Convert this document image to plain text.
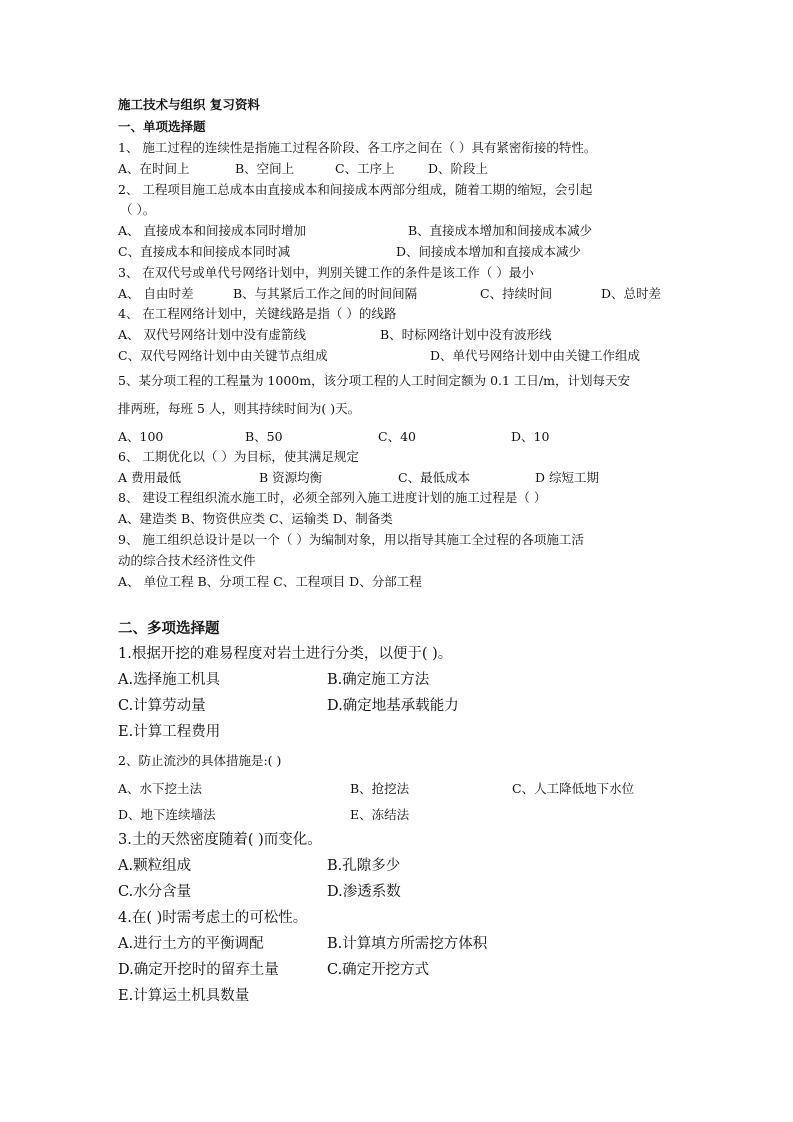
施工技术与组织 复习资料
一、单项选择题
1、 施工过程的连续性是指施工过程各阶段、各工序之间在（ ）具有紧密衔接的特性。
A、在时间上	B、空间上	C、工序上	D、阶段上
2、 工程项目施工总成本由直接成本和间接成本两部分组成，随着工期的缩短，会引起
（ ）。
A、 直接成本和间接成本同时增加	B、直接成本增加和间接成本减少
C、直接成本和间接成本同时减	D、间接成本增加和直接成本减少
3、 在双代号或单代号网络计划中，判别关键工作的条件是该工作（ ）最小
A、 自由时差	B、与其紧后工作之间的时间间隔	C、持续时间	D、总时差
4、 在工程网络计划中，关键线路是指（ ）的线路
A、 双代号网络计划中没有虚箭线	B、时标网络计划中没有波形线
C、双代号网络计划中由关键节点组成	D、单代号网络计划中由关键工作组成
5、某分项工程的工程量为 1000m，该分项工程的人工时间定额为 0.1 工日/m，计划每天安
排两班，每班 5 人，则其持续时间为( )天。
A、100	B、50	C、40	D、10
6、 工期优化以（ ）为目标，使其满足规定
A 费用最低	B 资源均衡	C、最低成本	D 综短工期
8、 建设工程组织流水施工时，必须全部列入施工进度计划的施工过程是（ ）
A、建造类 B、物资供应类 C、运输类 D、制备类
9、 施工组织总设计是以一个（ ）为编制对象，用以指导其施工全过程的各项施工活
动的综合技术经济性文件
A、 单位工程 B、分项工程 C、工程项目 D、分部工程
二、多项选择题
1.根据开挖的难易程度对岩土进行分类，以便于( )。
A.选择施工机具	B.确定施工方法
C.计算劳动量	D.确定地基承载能力
E.计算工程费用
2、防止流沙的具体措施是:( )
A、水下挖土法	B、抢挖法	C、人工降低地下水位
D、地下连续墙法	E、冻结法
3.土的天然密度随着( )而变化。
A.颗粒组成	B.孔隙多少
C.水分含量	D.渗透系数
4.在( )时需考虑土的可松性。
A.进行土方的平衡调配	B.计算填方所需挖方体积
D.确定开挖时的留弃土量	C.确定开挖方式
E.计算运土机具数量
